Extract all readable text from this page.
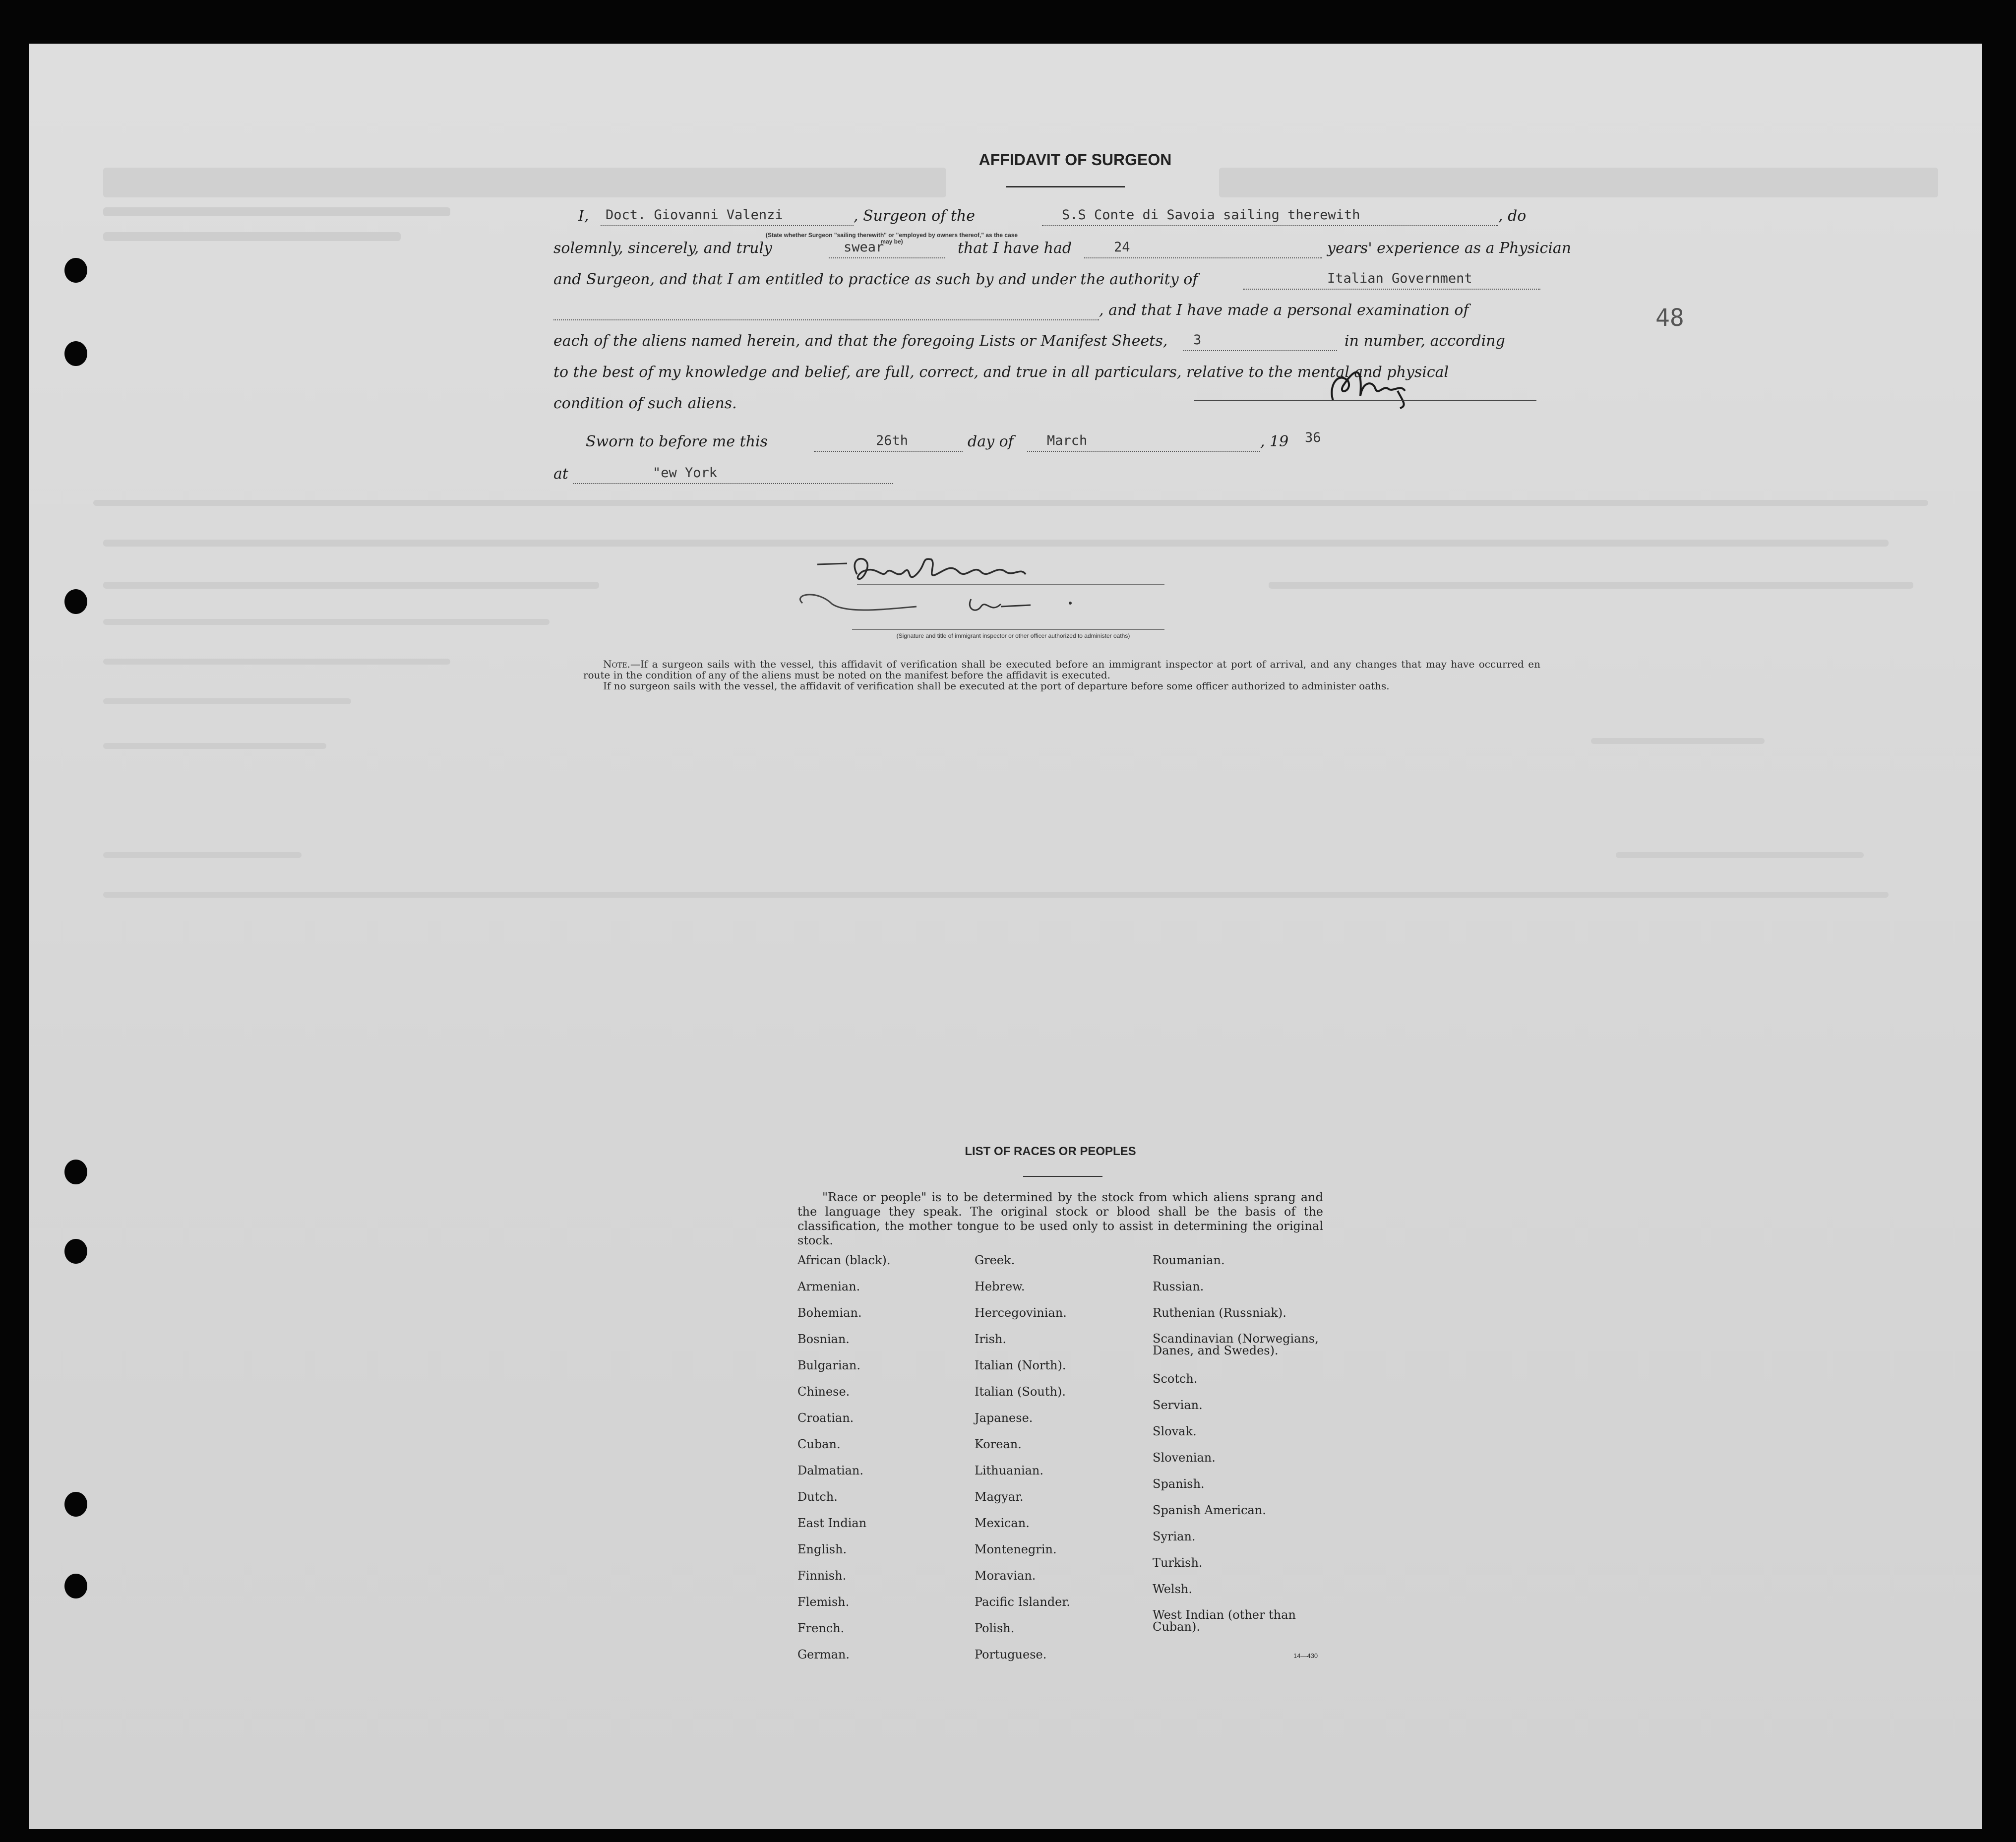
AFFIDAVIT OF SURGEON
I, Doct. Giovanni Valenzi	, Surgeon of the	S.S Conte di Savoia sailing therewith	, do
(State whether Surgeon "sailing therewith" or "employed by owners thereof," as the case may be)
solemnly, sincerely, and truly	swear	that I have had	24	years' experience as a Physician
and Surgeon, and that I am entitled to practice as such by and under the authority of	Italian Government
, and that I have made a personal examination of
each of the aliens named herein, and that the foregoing Lists or Manifest Sheets, 3	in number, according
to the best of my knowledge and belief, are full, correct, and true in all particulars, relative to the mental and physical
condition of such aliens.
Sworn to before me this	26th	day of March	, 19 36
at	"ew York
(Signature and title of immigrant inspector or other officer authorized to administer oaths)
Note.—If a surgeon sails with the vessel, this affidavit of verification shall be executed before an immigrant inspector at port of arrival, and any changes that may have occurred en route in the condition of any of the aliens must be noted on the manifest before the affidavit is executed.
If no surgeon sails with the vessel, the affidavit of verification shall be executed at the port of departure before some officer authorized to administer oaths.
48
LIST OF RACES OR PEOPLES
"Race or people" is to be determined by the stock from which aliens sprang and the language they speak. The original stock or blood shall be the basis of the classification, the mother tongue to be used only to assist in determining the original stock.
African (black).
Armenian.
Bohemian.
Bosnian.
Bulgarian.
Chinese.
Croatian.
Cuban.
Dalmatian.
Dutch.
East Indian
English.
Finnish.
Flemish.
French.
German.
Greek.
Hebrew.
Hercegovinian.
Irish.
Italian (North).
Italian (South).
Japanese.
Korean.
Lithuanian.
Magyar.
Mexican.
Montenegrin.
Moravian.
Pacific Islander.
Polish.
Portuguese.
Roumanian.
Russian.
Ruthenian (Russniak).
Scandinavian (Norwegians, Danes, and Swedes).
Scotch.
Servian.
Slovak.
Slovenian.
Spanish.
Spanish American.
Syrian.
Turkish.
Welsh.
West Indian (other than Cuban).
14—430
